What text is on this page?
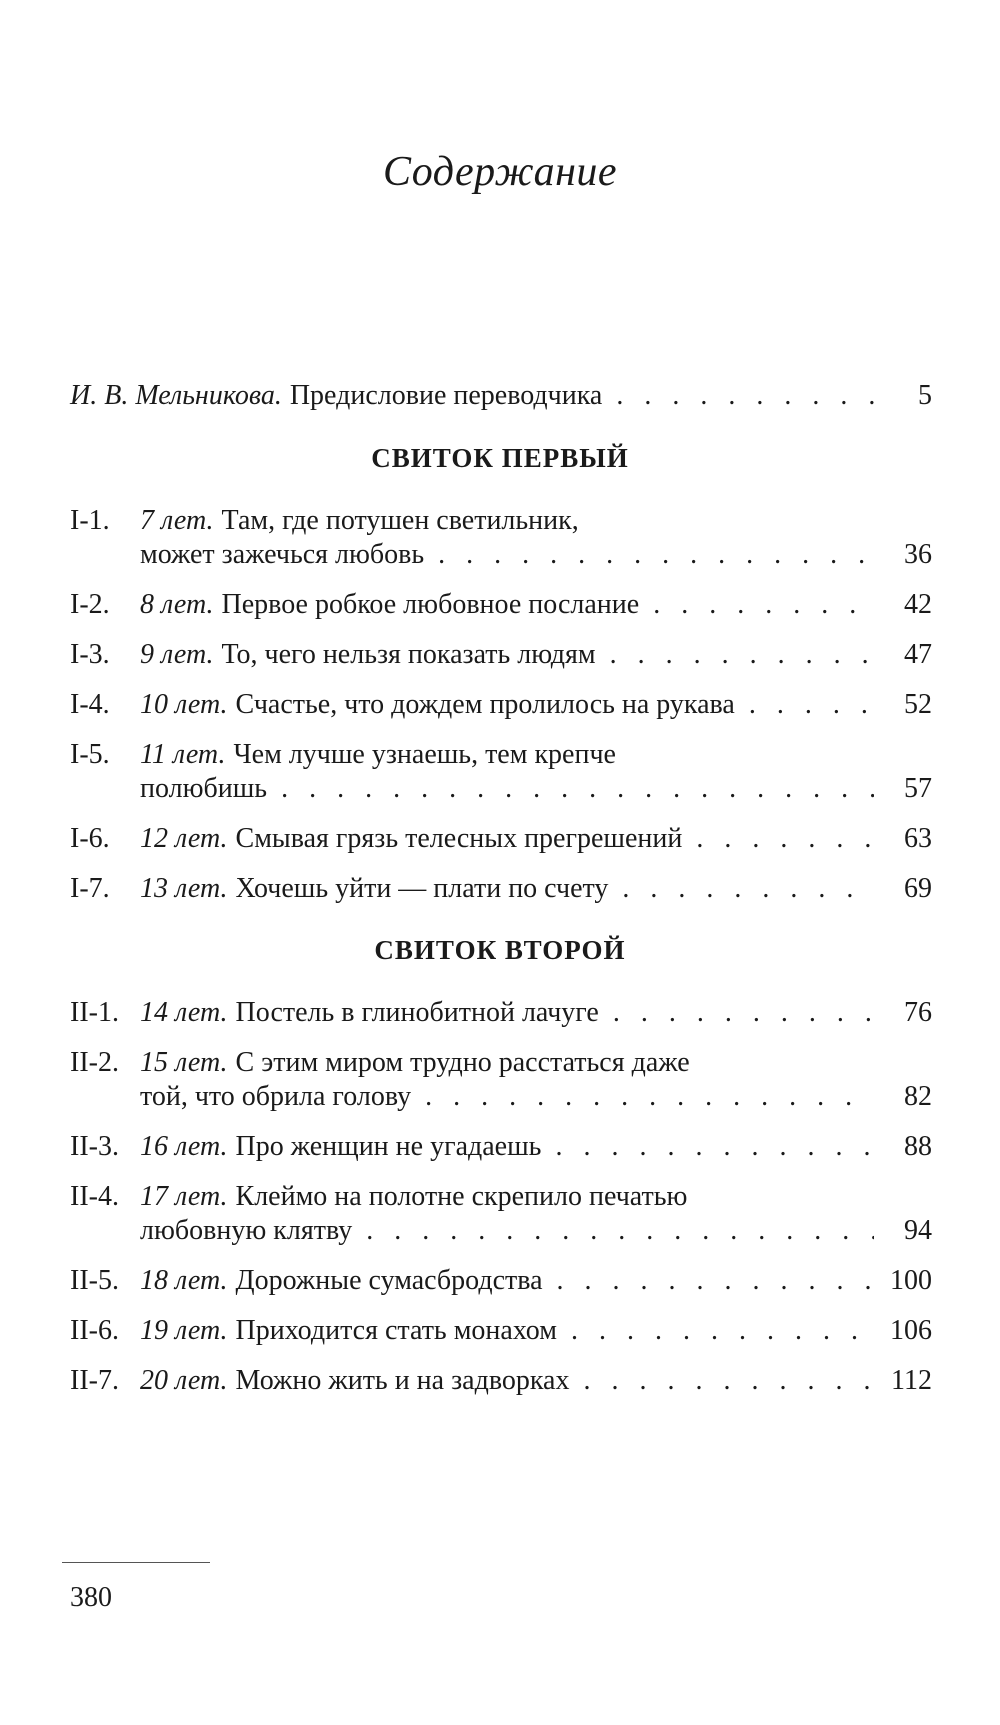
Содержание
И. В. Мельникова. Предисловие переводчика . . .	5
СВИТОК ПЕРВЫЙ
I-1. 7 лет. Там, где потушен светильник,
может зажечься любовь . . .	36
I-2. 8 лет. Первое робкое любовное послание . . .	42
I-3. 9 лет. То, чего нельзя показать людям . . .	47
I-4. 10 лет. Счастье, что дождем пролилось на рукава . . .	52
I-5. 11 лет. Чем лучше узнаешь, тем крепче
полюбишь . . .	57
I-6. 12 лет. Смывая грязь телесных прегрешений . . .	63
I-7. 13 лет. Хочешь уйти — плати по счету . . .	69
СВИТОК ВТОРОЙ
II-1. 14 лет. Постель в глинобитной лачуге . . .	76
II-2. 15 лет. С этим миром трудно расстаться даже
той, что обрила голову . . .	82
II-3. 16 лет. Про женщин не угадаешь . . .	88
II-4. 17 лет. Клеймо на полотне скрепило печатью
любовную клятву . . .	94
II-5. 18 лет. Дорожные сумасбродства . . .	100
II-6. 19 лет. Приходится стать монахом . . .	106
II-7. 20 лет. Можно жить и на задворках . . .	112
380
